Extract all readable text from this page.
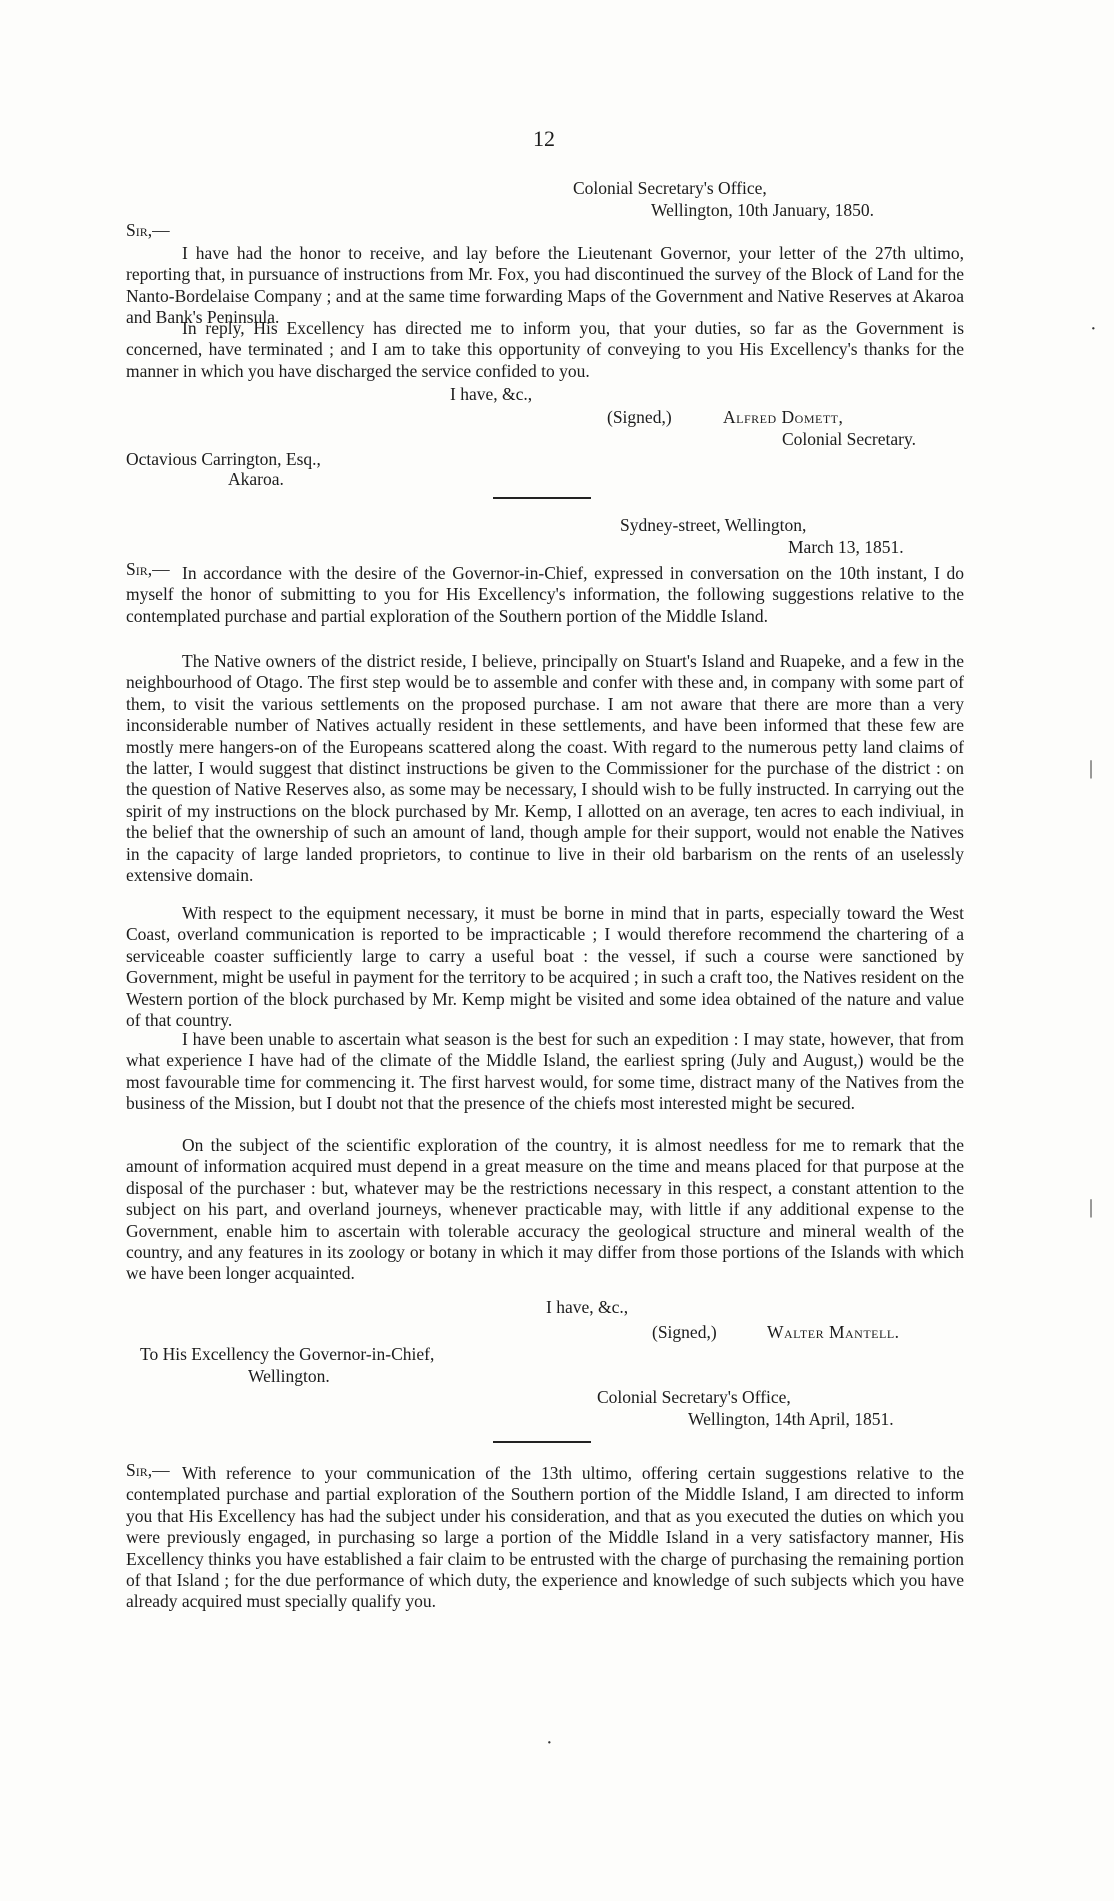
12
Colonial Secretary's Office,
Wellington, 10th January, 1850.
Sir,—
I have had the honor to receive, and lay before the Lieutenant Governor, your letter of the 27th ultimo, reporting that, in pursuance of instructions from Mr. Fox, you had discontinued the survey of the Block of Land for the Nanto-Bordelaise Company ; and at the same time forwarding Maps of the Government and Native Reserves at Akaroa and Bank's Peninsula.
In reply, His Excellency has directed me to inform you, that your duties, so far as the Government is concerned, have terminated ; and I am to take this opportunity of conveying to you His Excellency's thanks for the manner in which you have discharged the service confided to you.
I have, &c.,
(Signed,)	Alfred Domett,
Colonial Secretary.
Octavious Carrington, Esq.,
Akaroa.
Sydney-street, Wellington,
March 13, 1851.
Sir,— In accordance with the desire of the Governor-in-Chief, expressed in conversation on the 10th instant, I do myself the honor of submitting to you for His Excellency's information, the following suggestions relative to the contemplated purchase and partial exploration of the Southern portion of the Middle Island.
The Native owners of the district reside, I believe, principally on Stuart's Island and Ruapeke, and a few in the neighbourhood of Otago. The first step would be to assemble and confer with these and, in company with some part of them, to visit the various settlements on the proposed purchase. I am not aware that there are more than a very inconsiderable number of Natives actually resident in these settlements, and have been informed that these few are mostly mere hangers-on of the Europeans scattered along the coast. With regard to the numerous petty land claims of the latter, I would suggest that distinct instructions be given to the Commissioner for the purchase of the district : on the question of Native Reserves also, as some may be necessary, I should wish to be fully instructed. In carrying out the spirit of my instructions on the block purchased by Mr. Kemp, I allotted on an average, ten acres to each indiviual, in the belief that the ownership of such an amount of land, though ample for their support, would not enable the Natives in the capacity of large landed proprietors, to continue to live in their old barbarism on the rents of an uselessly extensive domain.
With respect to the equipment necessary, it must be borne in mind that in parts, especially toward the West Coast, overland communication is reported to be impracticable ; I would therefore recommend the chartering of a serviceable coaster sufficiently large to carry a useful boat : the vessel, if such a course were sanctioned by Government, might be useful in payment for the territory to be acquired ; in such a craft too, the Natives resident on the Western portion of the block purchased by Mr. Kemp might be visited and some idea obtained of the nature and value of that country.
I have been unable to ascertain what season is the best for such an expedition : I may state, however, that from what experience I have had of the climate of the Middle Island, the earliest spring (July and August,) would be the most favourable time for commencing it. The first harvest would, for some time, distract many of the Natives from the business of the Mission, but I doubt not that the presence of the chiefs most interested might be secured.
On the subject of the scientific exploration of the country, it is almost needless for me to remark that the amount of information acquired must depend in a great measure on the time and means placed for that purpose at the disposal of the purchaser : but, whatever may be the restrictions necessary in this respect, a constant attention to the subject on his part, and overland journeys, whenever practicable may, with little if any additional expense to the Government, enable him to ascertain with tolerable accuracy the geological structure and mineral wealth of the country, and any features in its zoology or botany in which it may differ from those portions of the Islands with which we have been longer acquainted.
I have, &c.,
(Signed,)	Walter Mantell.
To His Excellency the Governor-in-Chief,
Wellington.
Colonial Secretary's Office,
Wellington, 14th April, 1851.
Sir,— With reference to your communication of the 13th ultimo, offering certain suggestions relative to the contemplated purchase and partial exploration of the Southern portion of the Middle Island, I am directed to inform you that His Excellency has had the subject under his consideration, and that as you executed the duties on which you were previously engaged, in purchasing so large a portion of the Middle Island in a very satisfactory manner, His Excellency thinks you have established a fair claim to be entrusted with the charge of purchasing the remaining portion of that Island ; for the due performance of which duty, the experience and knowledge of such subjects which you have already acquired must specially qualify you.
·
|
|
·
